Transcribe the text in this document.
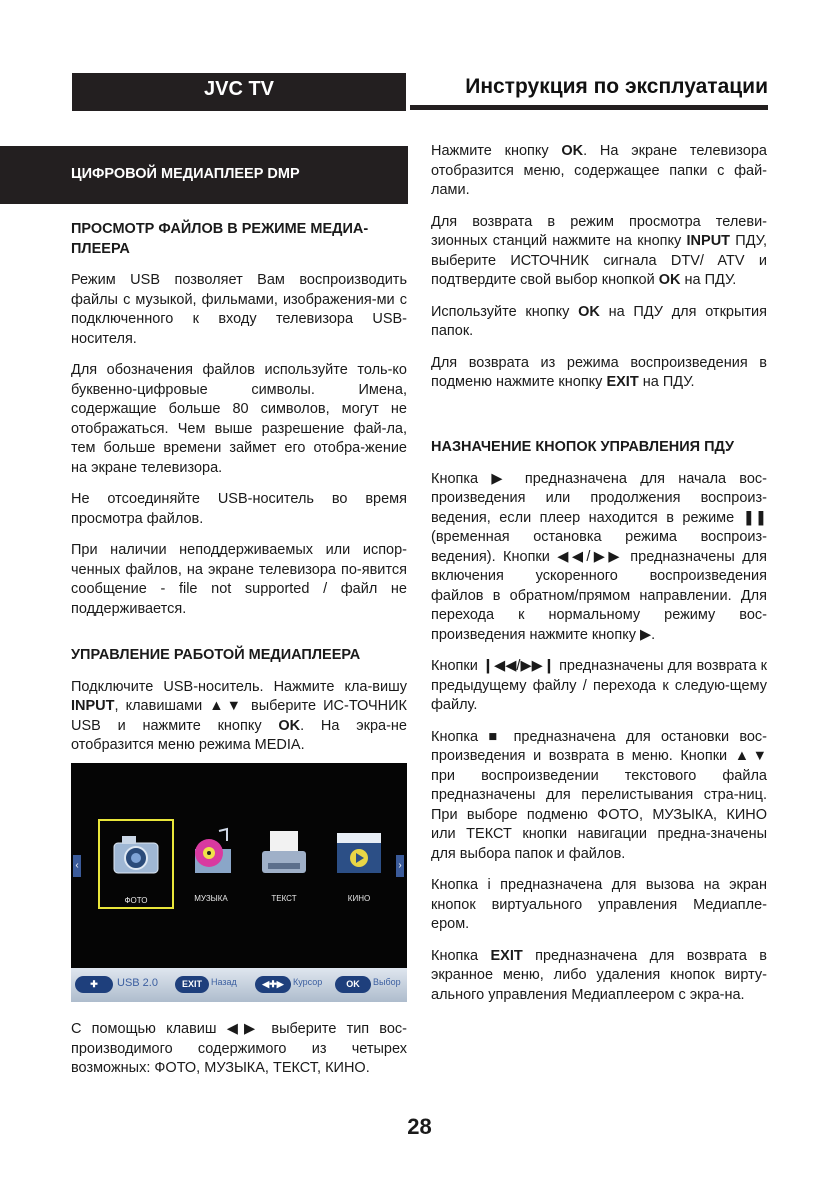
JVC TV	Инструкция по эксплуатации
ЦИФРОВОЙ МЕДИАПЛЕЕР DMP

ПРОСМОТР ФАЙЛОВ В РЕЖИМЕ МЕДИА-ПЛЕЕРА

Режим USB позволяет Вам воспроизводить файлы с музыкой, фильмами, изображения-ми с подключенного к входу телевизора USB-носителя.

Для обозначения файлов используйте толь-ко буквенно-цифровые символы. Имена, содержащие больше 80 символов, могут не отображаться. Чем выше разрешение фай-ла, тем больше времени займет его отобра-жение на экране телевизора.

Не отсоединяйте USB-носитель во время просмотра файлов.

При наличии неподдерживаемых или испор-ченных файлов, на экране телевизора по-явится сообщение - file not supported / файл не поддерживается.

УПРАВЛЕНИЕ РАБОТОЙ МЕДИАПЛЕЕРА

Подключите USB-носитель. Нажмите кла-вишу INPUT, клавишами ▲▼ выберите ИС-ТОЧНИК USB и нажмите кнопку OK. На экра-не отобразится меню режима MEDIA.

‹	›
ФОТО	МУЗЫКА	ТЕКСТ	КИНО
✚	USB 2.0	EXIT	Назад	◀✚▶	Курсор	OK	Выбор

С помощью клавиш ◀▶ выберите тип вос-производимого содержимого из четырех возможных: ФОТО, МУЗЫКА, ТЕКСТ, КИНО.

Нажмите кнопку OK. На экране телевизора отобразится меню, содержащее папки с фай-лами.

Для возврата в режим просмотра телеви-зионных станций нажмите на кнопку INPUT ПДУ, выберите ИСТОЧНИК сигнала DTV/ ATV и подтвердите свой выбор кнопкой OK на ПДУ.

Используйте кнопку OK на ПДУ для открытия папок.

Для возврата из режима воспроизведения в подменю нажмите кнопку EXIT на ПДУ.

НАЗНАЧЕНИЕ КНОПОК УПРАВЛЕНИЯ ПДУ

Кнопка ▶ предназначена для начала вос-произведения или продолжения воспроиз-ведения, если плеер находится в режиме ❚❚ (временная остановка режима воспроиз-ведения). Кнопки ◀◀/▶▶ предназначены для включения ускоренного воспроизведения файлов в обратном/прямом направлении. Для перехода к нормальному режиму вос-произведения нажмите кнопку ▶.

Кнопки ❙◀◀/▶▶❙ предназначены для возврата к предыдущему файлу / перехода к следую-щему файлу.

Кнопка ■ предназначена для остановки вос-произведения и возврата в меню. Кнопки ▲▼ при воспроизведении текстового файла предназначены для перелистывания стра-ниц. При выборе подменю ФОТО, МУЗЫКА, КИНО или ТЕКСТ кнопки навигации предна-значены для выбора папок и файлов.

Кнопка i предназначена для вызова на экран кнопок виртуального управления Медиапле-ером.

Кнопка EXIT предназначена для возврата в экранное меню, либо удаления кнопок вирту-ального управления Медиаплеером с экра-на.

28
